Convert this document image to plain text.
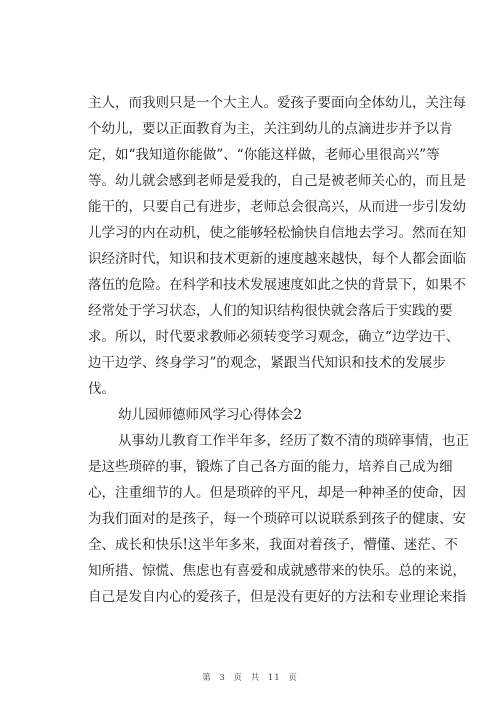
主人，而我则只是一个大主人。爱孩子要面向全体幼儿，关注每
个幼儿，要以正面教育为主，关注到幼儿的点滴进步并予以肯
定，如“我知道你能做”、“你能这样做，老师心里很高兴”等
等。幼儿就会感到老师是爱我的，自己是被老师关心的，而且是
能干的，只要自己有进步，老师总会很高兴，从而进一步引发幼
儿学习的内在动机，使之能够轻松愉快自信地去学习。然而在知
识经济时代，知识和技术更新的速度越来越快，每个人都会面临
落伍的危险。在科学和技术发展速度如此之快的背景下，如果不
经常处于学习状态，人们的知识结构很快就会落后于实践的要
求。所以，时代要求教师必须转变学习观念，确立“边学边干、
边干边学、终身学习”的观念，紧跟当代知识和技术的发展步
伐。
幼儿园师德师风学习心得体会2
从事幼儿教育工作半年多，经历了数不清的琐碎事情，也正
是这些琐碎的事，锻炼了自己各方面的能力，培养自己成为细
心，注重细节的人。但是琐碎的平凡，却是一种神圣的使命，因
为我们面对的是孩子，每一个琐碎可以说联系到孩子的健康、安
全、成长和快乐!这半年多来，我面对着孩子，懵懂、迷茫、不
知所措、惊慌、焦虑也有喜爱和成就感带来的快乐。总的来说，
自己是发自内心的爱孩子，但是没有更好的方法和专业理论来指
第 3 页 共 11 页
